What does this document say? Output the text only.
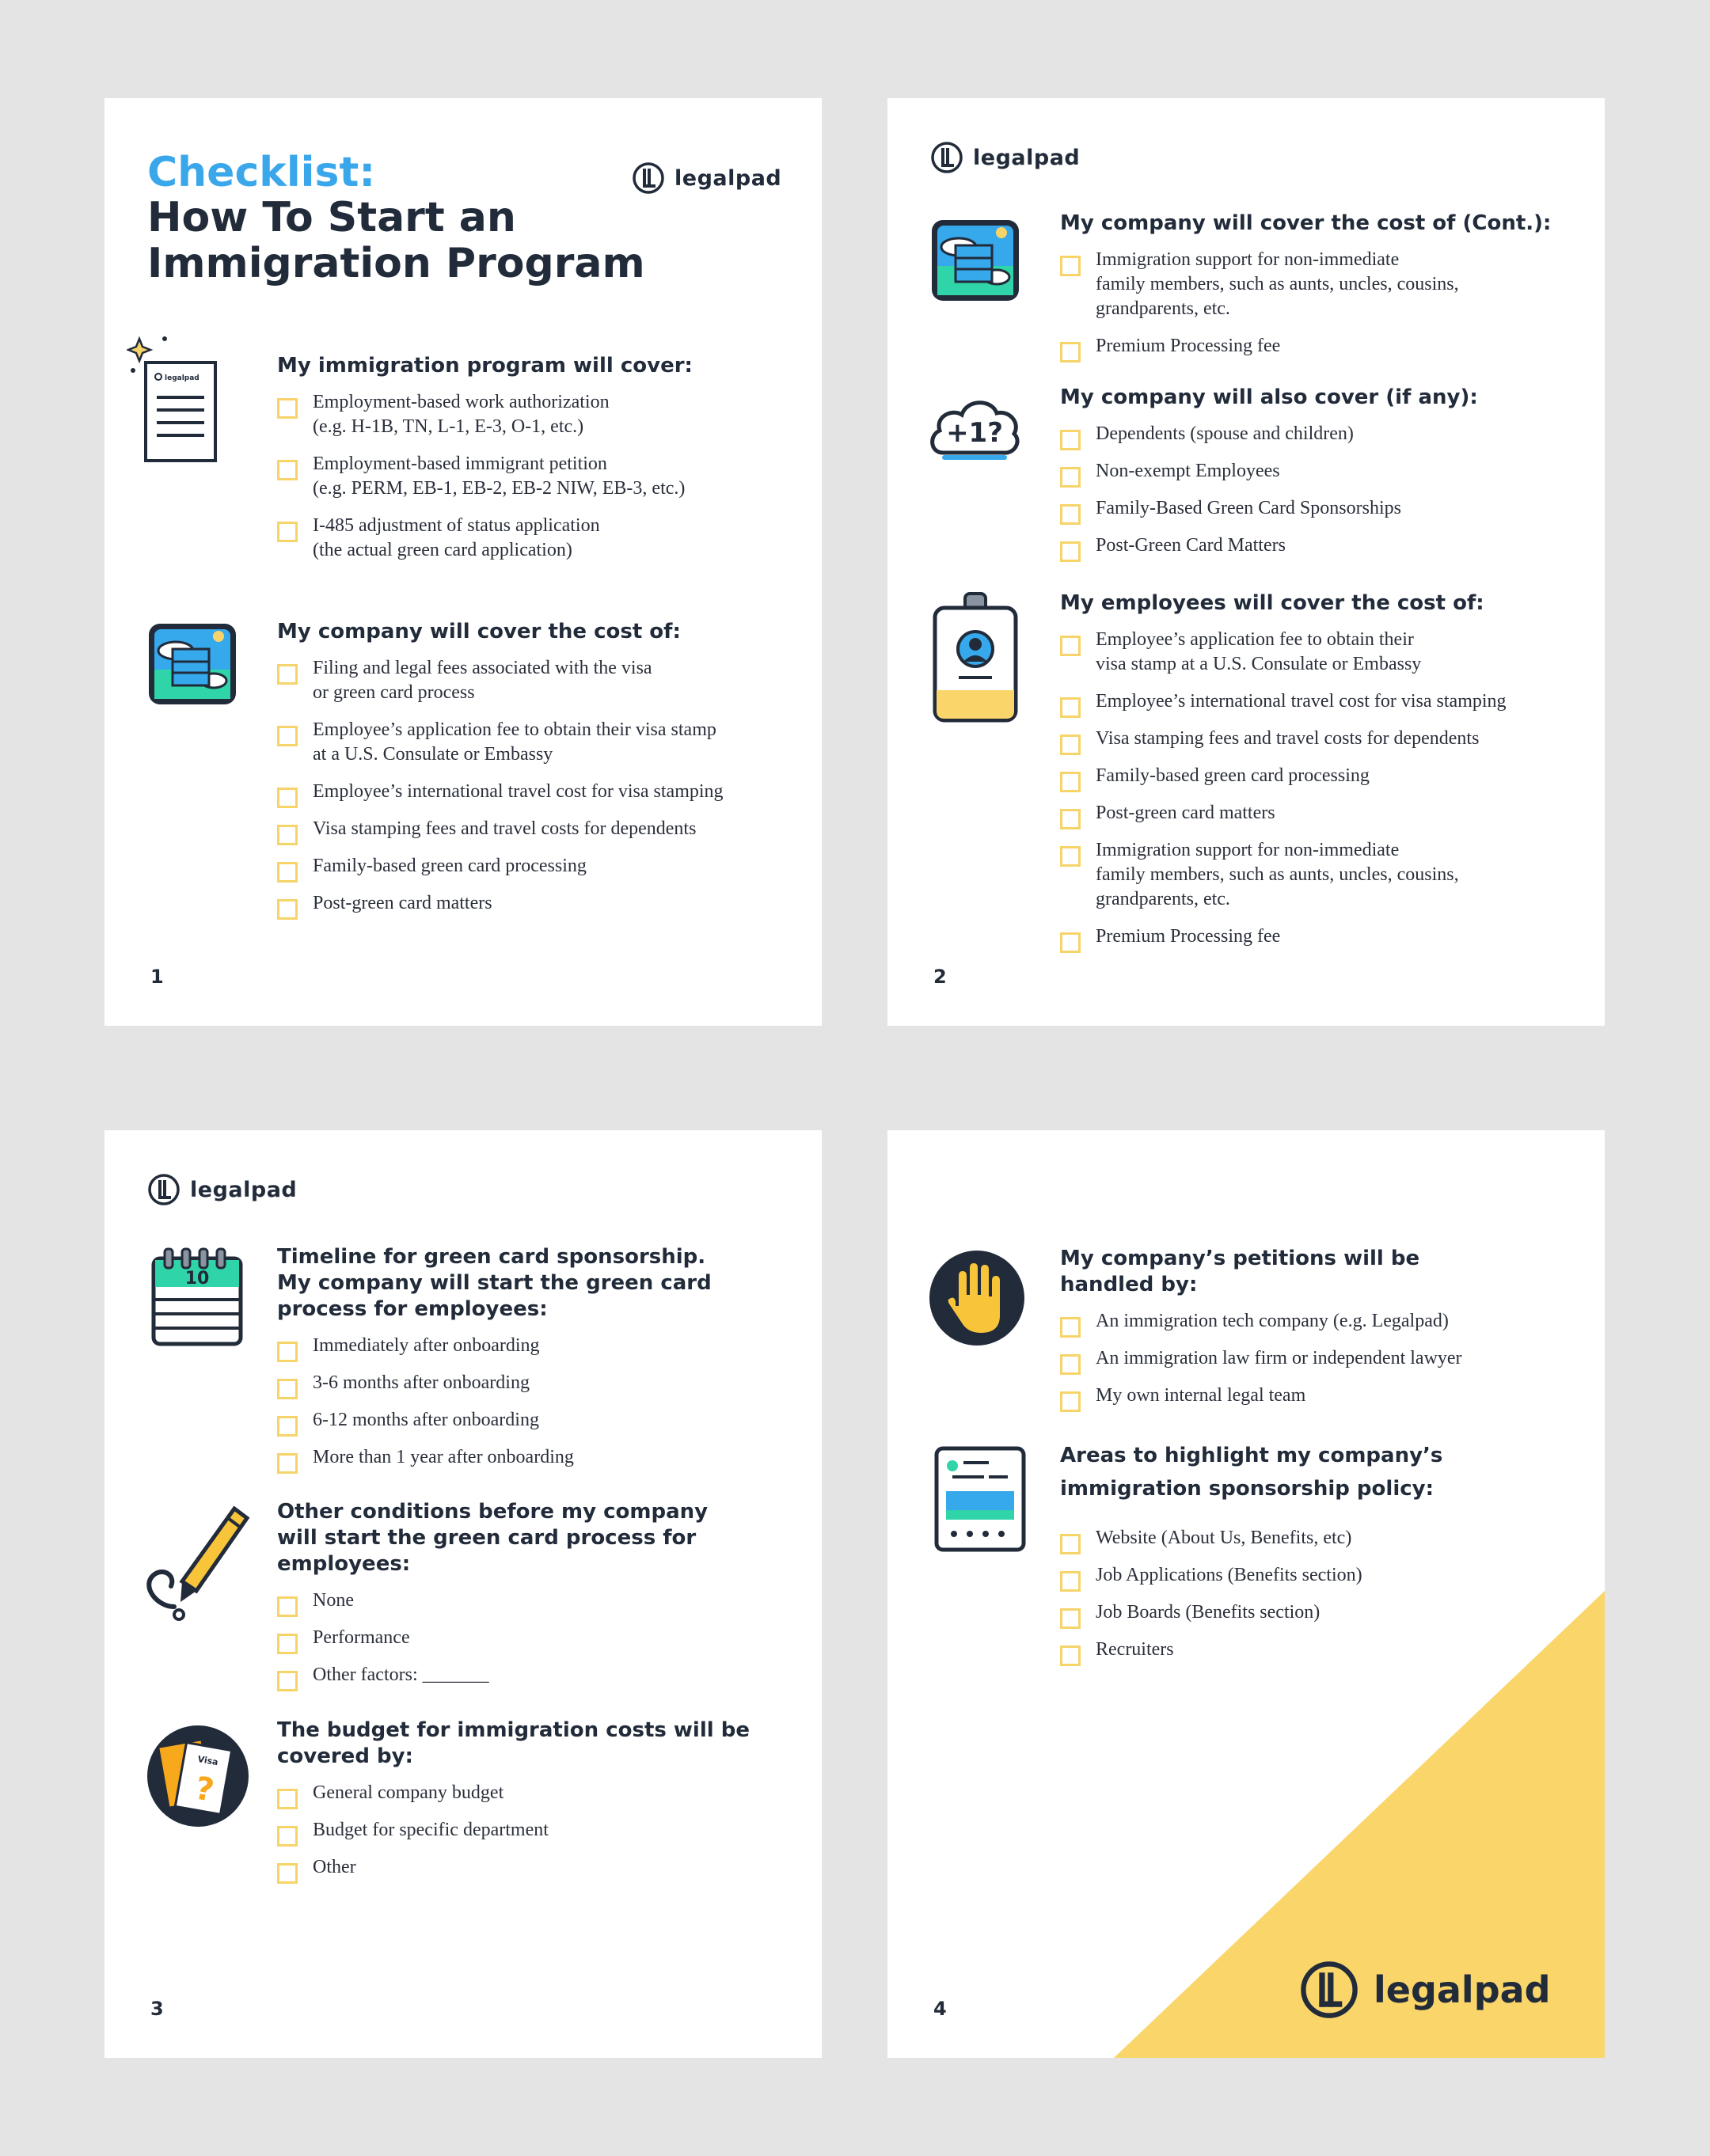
Checklist:
How To Start an Immigration Program
legalpad
legalpad
My immigration program will cover:
Employment-based work authorization
(e.g. H-1B, TN, L-1, E-3, O-1, etc.)
Employment-based immigrant petition
(e.g. PERM, EB-1, EB-2, EB-2 NIW, EB-3, etc.)
I-485 adjustment of status application
(the actual green card application)
My company will cover the cost of:
Filing and legal fees associated with the visa
or green card process
Employee’s application fee to obtain their visa stamp
at a U.S. Consulate or Embassy
Employee’s international travel cost for visa stamping
Visa stamping fees and travel costs for dependents
Family-based green card processing
Post-green card matters
1
legalpad
My company will cover the cost of (Cont.):
Immigration support for non-immediate
family members, such as aunts, uncles, cousins,
grandparents, etc.
Premium Processing fee
+1?
My company will also cover (if any):
Dependents (spouse and children)
Non-exempt Employees
Family-Based Green Card Sponsorships
Post-Green Card Matters
My employees will cover the cost of:
Employee’s application fee to obtain their
visa stamp at a U.S. Consulate or Embassy
Employee’s international travel cost for visa stamping
Visa stamping fees and travel costs for dependents
Family-based green card processing
Post-green card matters
Immigration support for non-immediate
family members, such as aunts, uncles, cousins,
grandparents, etc.
Premium Processing fee
2
legalpad
10
Timeline for green card sponsorship.
My company will start the green card
process for employees:
Immediately after onboarding
3-6 months after onboarding
6-12 months after onboarding
More than 1 year after onboarding
Other conditions before my company
will start the green card process for
employees:
None
Performance
Other factors: _______
Visa
?
The budget for immigration costs will be
covered by:
General company budget
Budget for specific department
Other
3
My company’s petitions will be
handled by:
An immigration tech company (e.g. Legalpad)
An immigration law firm or independent lawyer
My own internal legal team
Areas to highlight my company’s
immigration sponsorship policy:
Website (About Us, Benefits, etc)
Job Applications (Benefits section)
Job Boards (Benefits section)
Recruiters
legalpad
4
